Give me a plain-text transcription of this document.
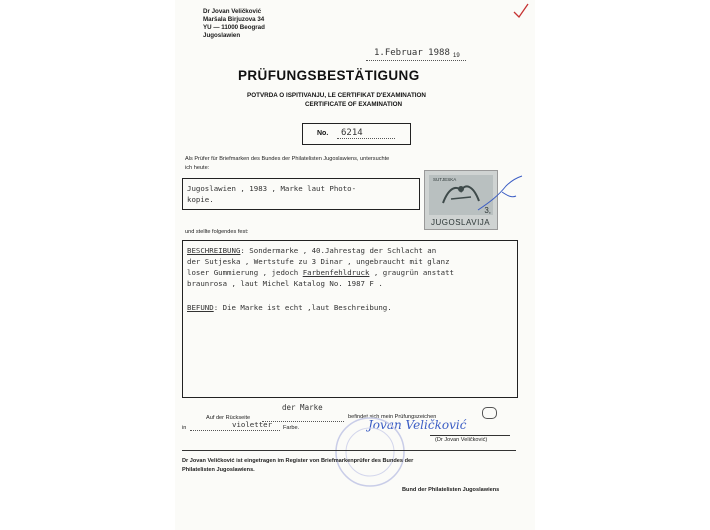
Dr Jovan Veličković
Maršala Birjuzova 34
YU — 11000 Beograd
Jugoslawien
1.Februar 1988 19
PRÜFUNGSBESTÄTIGUNG
POTVRDA O ISPITIVANJU, LE CERTIFIKAT D'EXAMINATION
CERTIFICATE OF EXAMINATION
No. 6214
Als Prüfer für Briefmarken des Bundes der Philatelisten Jugoslawiens, untersuchte
ich heute:
Jugoslawien , 1983 , Marke laut Photo-
kopie.
SUTJESKA
3,
JUGOSLAVIJA
und stellte folgendes fest:
BESCHREIBUNG: Sondermarke , 40.Jahrestag der Schlacht an
der Sutjeska , Wertstufe zu 3 Dinar , ungebraucht mit glanz
loser Gummierung , jedoch Farbenfehldruck , graugrün anstatt
braunrosa , laut Michel Katalog No. 1987 F .
BEFUND: Die Marke ist echt ,laut Beschreibung.
der Marke
Auf der Rückseite	befindet sich mein Prüfungszeichen
in	violetter Farbe.	Jovan Veličković
(Dr Jovan Veličković)
Dr Jovan Veličković ist eingetragen im Register von Briefmarkenprüfer des Bundes der
Philatelisten Jugoslawiens.
Bund der Philatelisten Jugoslawiens
